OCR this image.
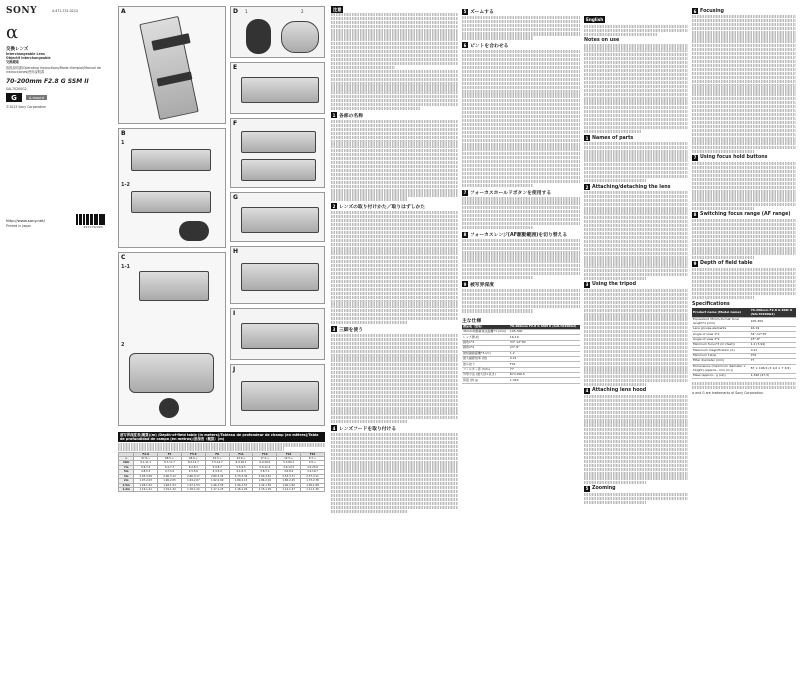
SONY	4-471-732-02(1)
α
交換レンズ
Interchangeable Lens
Objectif interchangeable
交換鏡頭
取扱説明書/Operating Instructions/Mode d'emploi/Manual de instrucciones/使用說明書
70-200mm F2.8 G SSM II
SAL70200G2
G	A-mount
©2013 Sony Corporation
http://www.sony.net/
Printed in Japan	4471732020
A
B
1
1-2
C
1-1
2
D 1	2
E
F
G
H
I
J
被写界深度表(概算)(m) /Depth-of-field table (in meters)/Tableau de profondeur de champ (en mètres)/Tabla de profundidad de campo (en metros)/景深表（概算）(m)
	F2.8	F4	F5.6	F8	F11	F16	F22	F32
∞	97.8-∞	68.5-∞	48.9-∞	34.3-∞	24.9-∞	17.2-∞	12.5-∞	8.7-∞
10m	9.1-11.1	8.7-11.7	8.2-12.7	7.5-14.7	6.9-18.1	6.0-29.0	5.3-80.1	4.5-∞
7m	6.6-7.5	6.4-7.7	6.2-8.1	5.9-8.7	5.5-9.5	5.0-11.4	4.6-14.3	4.0-25.6
5m	4.8-5.3	4.7-5.4	4.5-5.6	4.3-5.9	4.1-6.3	3.8-7.1	3.6-8.0	3.2-10.7
3m	2.93-3.09	2.90-3.12	2.86-3.17	2.80-3.24	2.73-3.34	2.63-3.51	2.53-3.71	2.37-4.11
2m	1.97-2.03	1.96-2.05	1.94-2.07	1.92-2.09	1.89-2.13	1.84-2.19	1.80-2.25	1.73-2.38
1.5m	1.48-1.52	1.48-1.53	1.47-1.54	1.46-1.55	1.44-1.57	1.42-1.59	1.40-1.62	1.36-1.68
1.2m	1.19-1.21	1.19-1.22	1.18-1.22	1.17-1.23	1.16-1.24	1.15-1.25	1.14-1.27	1.11-1.30
注意
1 各部の名称
2 レンズの取り付けかた／取りはずしかた
3 三脚を使う
4 レンズフードを取り付ける
5 ズームする
6 ピントを合わせる
7 フォーカスホールドボタンを使用する
8 フォーカスレンジ(AF駆動範囲)を切り替える
9 被写界深度
主な仕様
商品名（型名）	70-200mm F2.8 G SSM II (SAL70200G2)
35mm判換算焦点距離*1 (mm)	105-300
レンズ群-枚	16-19
画角1*2	34°-12°30'
画角2*2	23°-8°
最短撮影距離*3 (m)	1.2
最大撮影倍率 (倍)	0.21
最小絞り	F32
フィルター径 (mm)	77
外形寸法 (最大径×長さ)	87×196.5
質量 (約 g)	1,340
English
Notes on use
1 Names of parts
2 Attaching/detaching the lens
3 Using the tripod
4 Attaching lens hood
5 Zooming
6 Focusing
7 Using focus hold buttons
8 Switching focus range (AF range)
9 Depth of field table
Specifications
Product name (Model name)	70-200mm F2.8 G SSM II (SAL70200G2)
Equivalent 35mm-format focal length*1 (mm)	105-300
Lens groups-elements	16-19
Angle of view 1*2	34°-12°30'
Angle of view 2*2	23°-8°
Minimum focus*3 (m (feet))	1.2 (3.94)
Maximum magnification (X)	0.21
Minimum f-stop	f/32
Filter diameter (mm)	77
Dimensions (maximum diameter × height) (approx., mm (in.))	87 × 196.5 (3 1/2 × 7 3/4)
Mass (approx., g (oz))	1,340 (47.3)
α and G are trademarks of Sony Corporation.
